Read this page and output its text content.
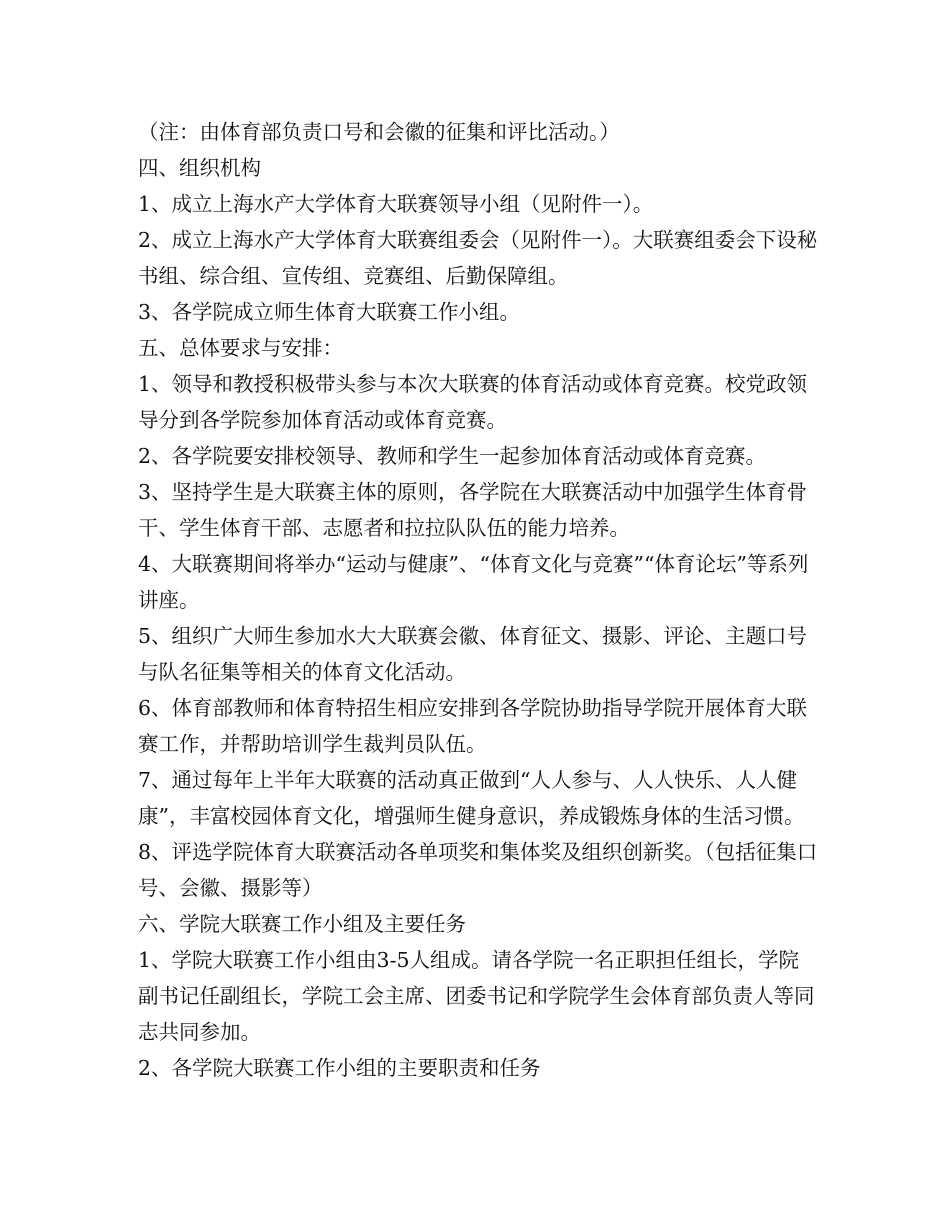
（注：由体育部负责口号和会徽的征集和评比活动。）

四、组织机构

1、成立上海水产大学体育大联赛领导小组（见附件一）。

2、成立上海水产大学体育大联赛组委会（见附件一）。大联赛组委会下设秘书组、综合组、宣传组、竞赛组、后勤保障组。

3、各学院成立师生体育大联赛工作小组。

五、总体要求与安排：

1、领导和教授积极带头参与本次大联赛的体育活动或体育竞赛。校党政领导分到各学院参加体育活动或体育竞赛。

2、各学院要安排校领导、教师和学生一起参加体育活动或体育竞赛。

3、坚持学生是大联赛主体的原则，各学院在大联赛活动中加强学生体育骨干、学生体育干部、志愿者和拉拉队队伍的能力培养。

4、大联赛期间将举办“运动与健康”、“体育文化与竞赛”“体育论坛”等系列讲座。

5、组织广大师生参加水大大联赛会徽、体育征文、摄影、评论、主题口号与队名征集等相关的体育文化活动。

6、体育部教师和体育特招生相应安排到各学院协助指导学院开展体育大联赛工作，并帮助培训学生裁判员队伍。

7、通过每年上半年大联赛的活动真正做到“人人参与、人人快乐、人人健康”，丰富校园体育文化，增强师生健身意识，养成锻炼身体的生活习惯。

8、评选学院体育大联赛活动各单项奖和集体奖及组织创新奖。（包括征集口号、会徽、摄影等）

六、学院大联赛工作小组及主要任务

1、学院大联赛工作小组由3-5人组成。请各学院一名正职担任组长，学院副书记任副组长，学院工会主席、团委书记和学院学生会体育部负责人等同志共同参加。

2、各学院大联赛工作小组的主要职责和任务
